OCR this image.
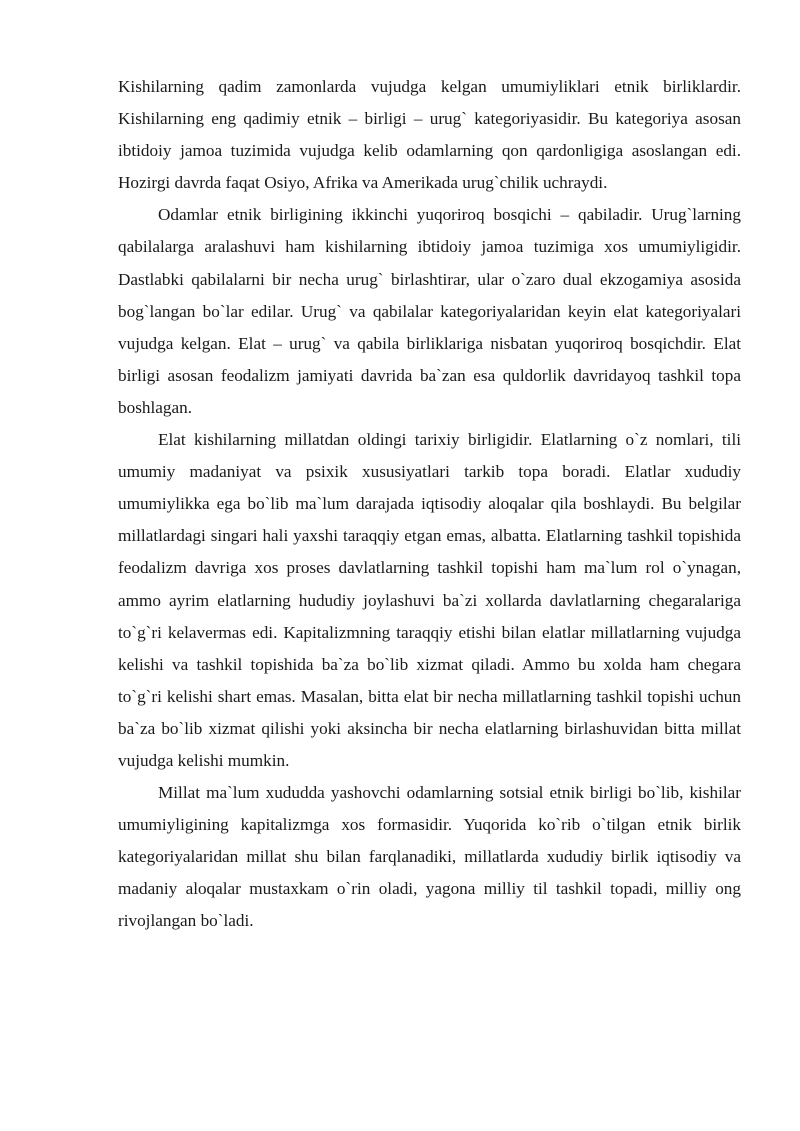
Kishilarning qadim zamonlarda vujudga kelgan umumiyliklari etnik birliklardir. Kishilarning eng qadimiy etnik – birligi – urug` kategoriyasidir. Bu kategoriya asosan ibtidoiy jamoa tuzimida vujudga kelib odamlarning qon qardonligiga asoslangan edi. Hozirgi davrda faqat Osiyo, Afrika va Amerikada urug`chilik uchraydi.

Odamlar etnik birligining ikkinchi yuqoriroq bosqichi – qabiladir. Urug`larning qabilalarga aralashuvi ham kishilarning ibtidoiy jamoa tuzimiga xos umumiyligidir. Dastlabki qabilalarni bir necha urug` birlashtirar, ular o`zaro dual ekzogamiya asosida bog`langan bo`lar edilar. Urug` va qabilalar kategoriyalaridan keyin elat kategoriyalari vujudga kelgan. Elat – urug` va qabila birliklariga nisbatan yuqoriroq bosqichdir. Elat birligi asosan feodalizm jamiyati davrida ba`zan esa quldorlik davridayoq tashkil topa boshlagan.

Elat kishilarning millatdan oldingi tarixiy birligidir. Elatlarning o`z nomlari, tili umumiy madaniyat va psixik xususiyatlari tarkib topa boradi. Elatlar xududiy umumiylikka ega bo`lib ma`lum darajada iqtisodiy aloqalar qila boshlaydi. Bu belgilar millatlardagi singari hali yaxshi taraqqiy etgan emas, albatta. Elatlarning tashkil topishida feodalizm davriga xos proses davlatlarning tashkil topishi ham ma`lum rol o`ynagan, ammo ayrim elatlarning hududiy joylashuvi ba`zi xollarda davlatlarning chegaralariga to`g`ri kelavermas edi. Kapitalizmning taraqqiy etishi bilan elatlar millatlarning vujudga kelishi va tashkil topishida ba`za bo`lib xizmat qiladi. Ammo bu xolda ham chegara to`g`ri kelishi shart emas. Masalan, bitta elat bir necha millatlarning tashkil topishi uchun ba`za bo`lib xizmat qilishi yoki aksincha bir necha elatlarning birlashuvidan bitta millat vujudga kelishi mumkin.

Millat ma`lum xududda yashovchi odamlarning sotsial etnik birligi bo`lib, kishilar umumiyligining kapitalizmga xos formasidir. Yuqorida ko`rib o`tilgan etnik birlik kategoriyalaridan millat shu bilan farqlanadiki, millatlarda xududiy birlik iqtisodiy va madaniy aloqalar mustaxkam o`rin oladi, yagona milliy til tashkil topadi, milliy ong rivojlangan bo`ladi.
